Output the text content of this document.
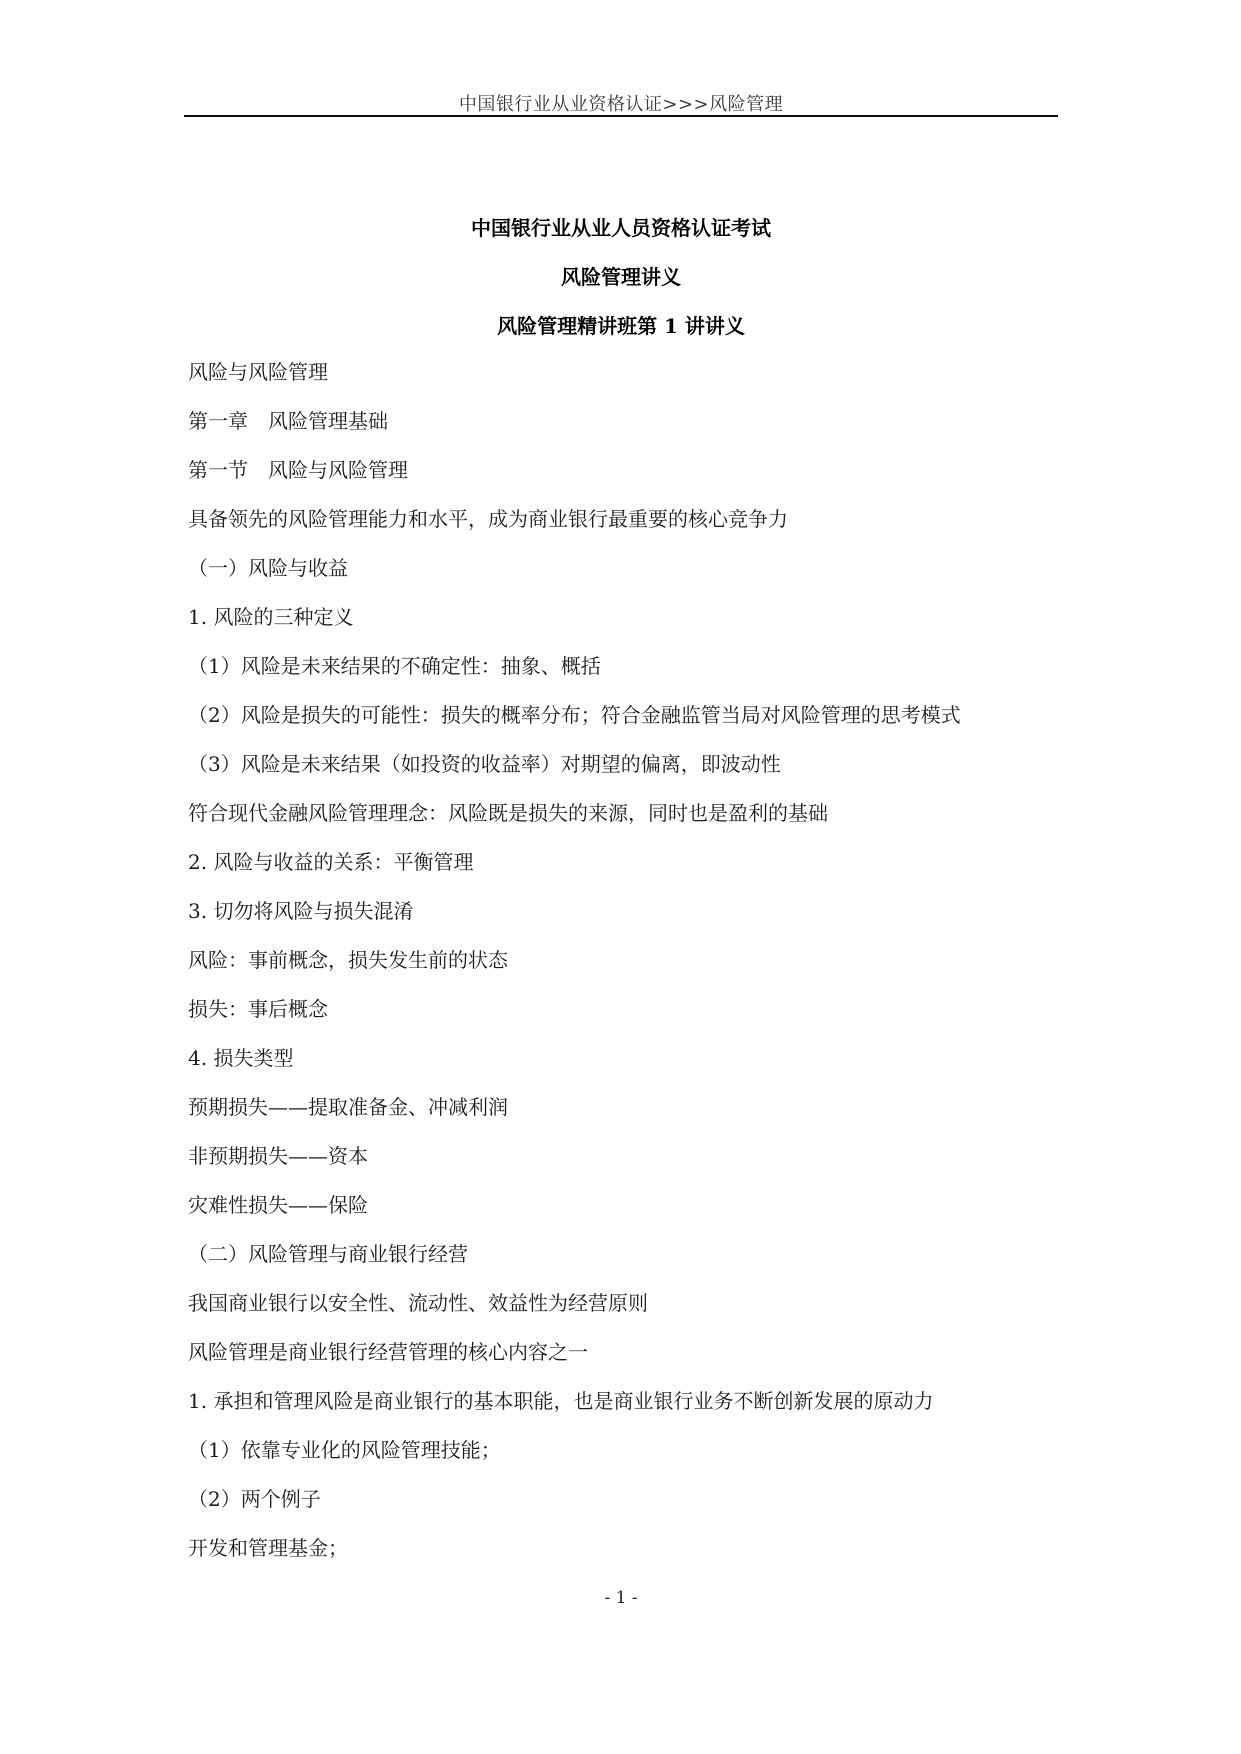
中国银行业从业资格认证>>>风险管理
中国银行业从业人员资格认证考试
风险管理讲义
风险管理精讲班第 1 讲讲义
风险与风险管理
第一章　风险管理基础
第一节　风险与风险管理
具备领先的风险管理能力和水平，成为商业银行最重要的核心竞争力
（一）风险与收益
1. 风险的三种定义
（1）风险是未来结果的不确定性：抽象、概括
（2）风险是损失的可能性：损失的概率分布；符合金融监管当局对风险管理的思考模式
（3）风险是未来结果（如投资的收益率）对期望的偏离，即波动性
符合现代金融风险管理理念：风险既是损失的来源，同时也是盈利的基础
2. 风险与收益的关系：平衡管理
3. 切勿将风险与损失混淆
风险：事前概念，损失发生前的状态
损失：事后概念
4. 损失类型
预期损失——提取准备金、冲减利润
非预期损失——资本
灾难性损失——保险
（二）风险管理与商业银行经营
我国商业银行以安全性、流动性、效益性为经营原则
风险管理是商业银行经营管理的核心内容之一
1. 承担和管理风险是商业银行的基本职能，也是商业银行业务不断创新发展的原动力
（1）依靠专业化的风险管理技能；
（2）两个例子
开发和管理基金；
- 1 -
